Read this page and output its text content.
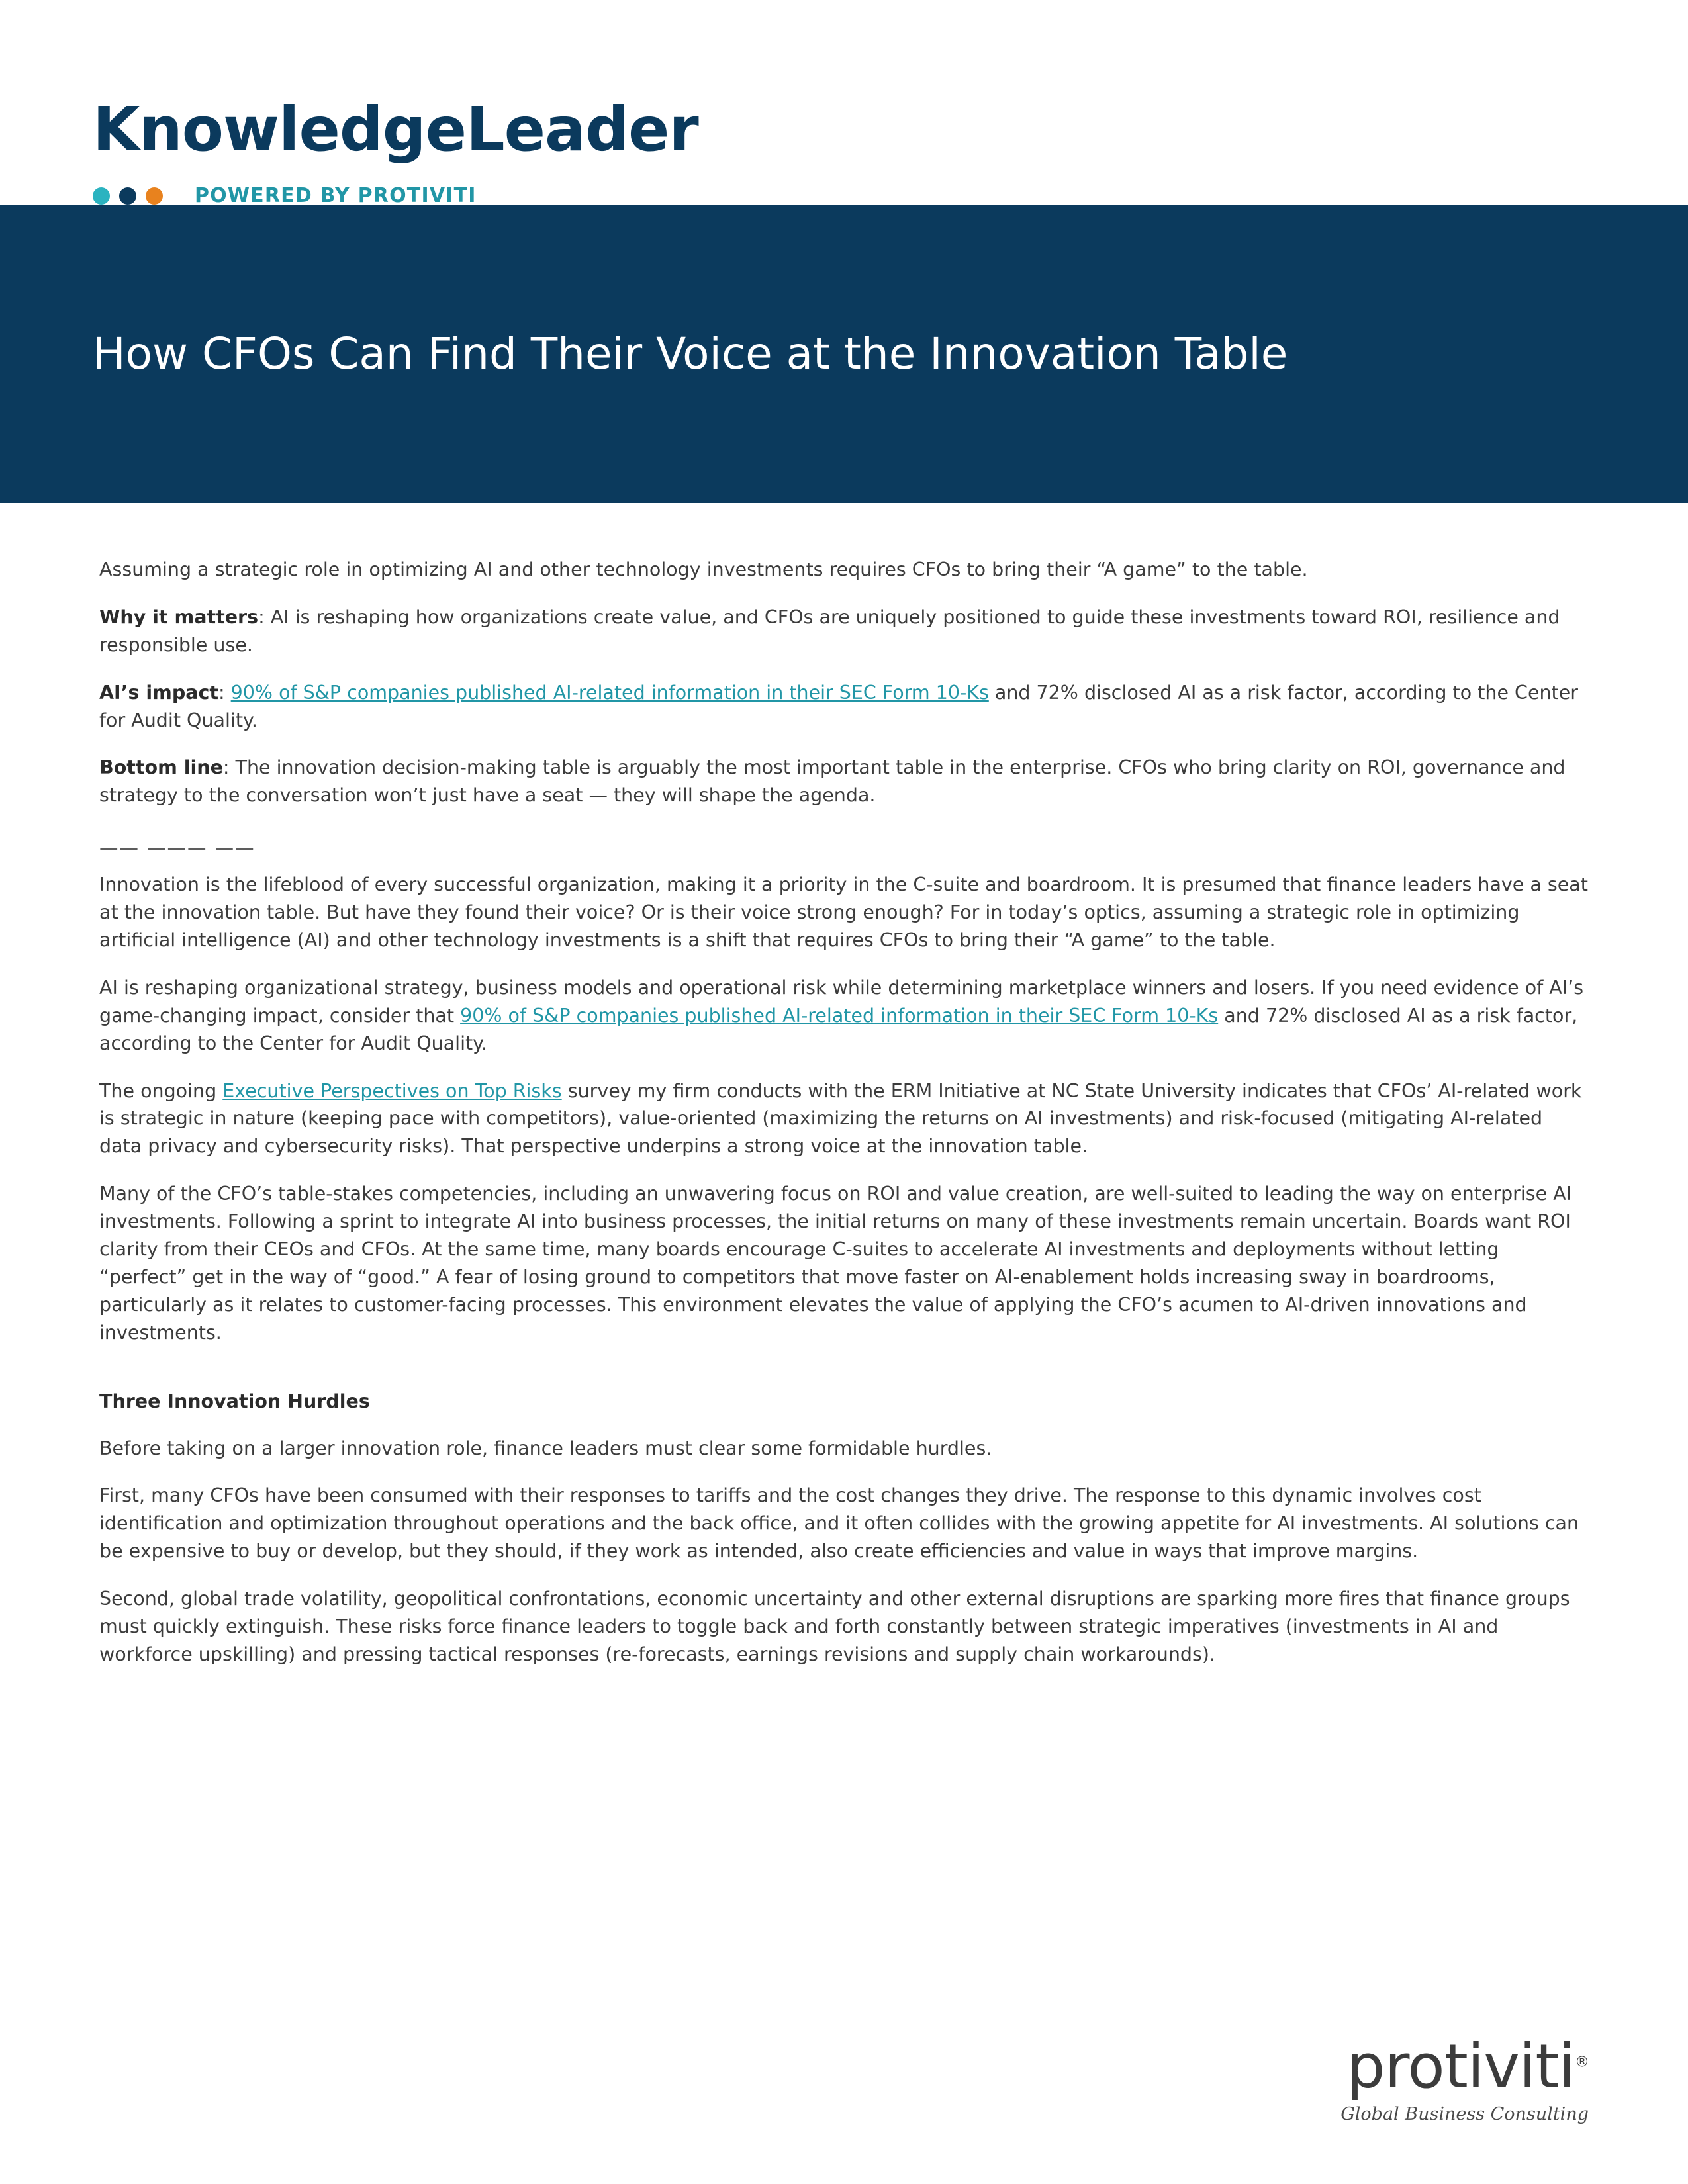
KnowledgeLeader
POWERED BY PROTIVITI
How CFOs Can Find Their Voice at the Innovation Table

Assuming a strategic role in optimizing AI and other technology investments requires CFOs to bring their “A game” to the table.

Why it matters: AI is reshaping how organizations create value, and CFOs are uniquely positioned to guide these investments toward ROI, resilience and responsible use.

AI’s impact: 90% of S&P companies published AI-related information in their SEC Form 10-Ks and 72% disclosed AI as a risk factor, according to the Center for Audit Quality.

Bottom line: The innovation decision-making table is arguably the most important table in the enterprise. CFOs who bring clarity on ROI, governance and strategy to the conversation won’t just have a seat — they will shape the agenda.

—— ——— ——

Innovation is the lifeblood of every successful organization, making it a priority in the C-suite and boardroom. It is presumed that finance leaders have a seat at the innovation table. But have they found their voice? Or is their voice strong enough? For in today’s optics, assuming a strategic role in optimizing artificial intelligence (AI) and other technology investments is a shift that requires CFOs to bring their “A game” to the table.

AI is reshaping organizational strategy, business models and operational risk while determining marketplace winners and losers. If you need evidence of AI’s game-changing impact, consider that 90% of S&P companies published AI-related information in their SEC Form 10-Ks and 72% disclosed AI as a risk factor, according to the Center for Audit Quality.

The ongoing Executive Perspectives on Top Risks survey my firm conducts with the ERM Initiative at NC State University indicates that CFOs’ AI-related work is strategic in nature (keeping pace with competitors), value-oriented (maximizing the returns on AI investments) and risk-focused (mitigating AI-related data privacy and cybersecurity risks). That perspective underpins a strong voice at the innovation table.

Many of the CFO’s table-stakes competencies, including an unwavering focus on ROI and value creation, are well-suited to leading the way on enterprise AI investments. Following a sprint to integrate AI into business processes, the initial returns on many of these investments remain uncertain. Boards want ROI clarity from their CEOs and CFOs. At the same time, many boards encourage C-suites to accelerate AI investments and deployments without letting “perfect” get in the way of “good.” A fear of losing ground to competitors that move faster on AI-enablement holds increasing sway in boardrooms, particularly as it relates to customer-facing processes. This environment elevates the value of applying the CFO’s acumen to AI-driven innovations and investments.

Three Innovation Hurdles

Before taking on a larger innovation role, finance leaders must clear some formidable hurdles.

First, many CFOs have been consumed with their responses to tariffs and the cost changes they drive. The response to this dynamic involves cost identification and optimization throughout operations and the back office, and it often collides with the growing appetite for AI investments. AI solutions can be expensive to buy or develop, but they should, if they work as intended, also create efficiencies and value in ways that improve margins.

Second, global trade volatility, geopolitical confrontations, economic uncertainty and other external disruptions are sparking more fires that finance groups must quickly extinguish. These risks force finance leaders to toggle back and forth constantly between strategic imperatives (investments in AI and workforce upskilling) and pressing tactical responses (re-forecasts, earnings revisions and supply chain workarounds).

protiviti®
Global Business Consulting
